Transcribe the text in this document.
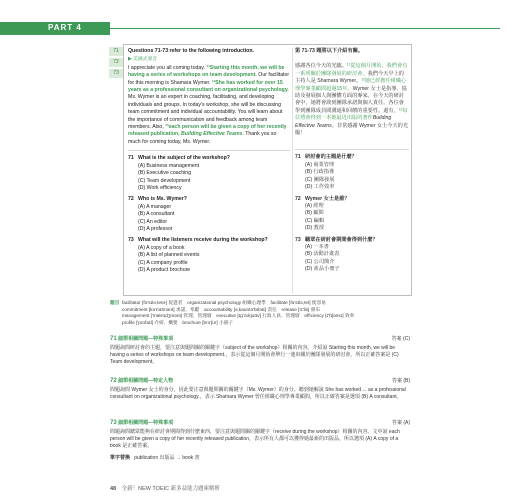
PART 4
71
72
73

Questions 71-73 refer to the following introduction.

▶ 美國式發音

I appreciate you all coming today. ¹¹Starting this month, we will be having a series of workshops on team development. Our facilitator for this morning is Shamara Wymer. ¹²She has worked for over 15 years as a professional consultant on organizational psychology. Ms. Wymer is an expert in coaching, facilitating, and developing individuals and groups. In today's workshop, she will be discussing team commitment and individual accountability. You will learn about the importance of communication and feedback among team members. Also, ¹³each person will be given a copy of her recently released publication, Building Effective Teams. Thank you so much for coming today, Ms. Wymer.

71 What is the subject of the workshop?
(A) Business management
(B) Executive coaching
(C) Team development
(D) Work efficiency
72 Who is Ms. Wymer?
(A) A manager
(B) A consultant
(C) An editor
(D) A professor
73 What will the listeners receive during the workshop?
(A) A copy of a book
(B) A list of planned events
(C) A company profile
(D) A product brochure

第 71-73 題將以下介紹有關。

感謝各位今天的光臨。¹¹從這個月開始，我們會有一系列關於團隊發展的研討會。我們今天早上的主持人是 Shamara Wymer。¹²她已經擔任組織心理學專業顧問超過15年。Wymer 女士是指導、協助及發展個人與團體方面的專家。在今天的研討會中，她將會談到團隊承諾與個人責任。各位會學到團隊成員間溝通和回饋的重要性。還有，¹³每位將會得到一本她最近出版的著作Building Effective Teams。非常感謝 Wymer 女士今天的光臨！

71 研討會的主題是什麼？
(A) 商業管理
(B) 行政指導
(C) 團隊發展
(D) 工作效率
72 Wymer 女士是誰？
(A) 經理
(B) 顧問
(C) 編輯
(D) 教授
73 聽眾在研討會期間會得到什麼？
(A) 一本書
(B) 活動計畫表
(C) 公司簡介
(D) 產品小冊子
題目 facilitator [fə'sɪlə,tetɚ] 促進者　organizational psychology 組織心理學　facilitate [fə'sɪlə,tet] 使容易
commitment [kə'mɪtmənt] 承諾、奉獻　accountability [ə,kaʊntə'bɪlətɪ] 責任　release [rɪ'lis] 發布
management ['mænɪdʒmənt] 管理、管理層　executive [ɪg'zɛkjʊtɪv] 行政人員、管理層　efficiency [ɪ'fɪʃənsɪ] 效率
profile ['profaɪl] 介紹、概要　brochure [bro'ʃʊr] 小冊子
71 細節相關問題—特殊事項	答案 (C)
問題詢問研討會的主題，要注意與題問關的關鍵字（subject of the workshop）相關的內容。介紹說 Starting this month, we will be having a series of workshops on team development.，表示從這個月開始會舉行一連串關於團隊發展的研討會，所以正確答案是 (C) Team development。
72 細節相關問題—特定人物	答案 (B)
問題詢問 Wymer 女士的身分，因此要注意與題問關的關鍵字（Ms. Wymer）的身分。聽到她解說 She has worked ... as a professional consultant on organizational psychology.，表示 Shamara Wymer 曾任組織心理學專業顧問，所以正確答案是選項 (B) A consultant。
73 細節相關問題—特殊事項	答案 (A)
問題詢問聽眾能夠在研討會期間得到什麼東西，要注意與題問關的關鍵字（receive during the workshop）相關的內容。文中說 each person will be given a copy of her recently released publication，表示所有人都可以獲得她最新的出版品，所以選項 (A) A copy of a book 是正確答案。
單字替換 publication 出版品 → book 書
48 全新！NEW TOEIC 新多益能力題庫解析
